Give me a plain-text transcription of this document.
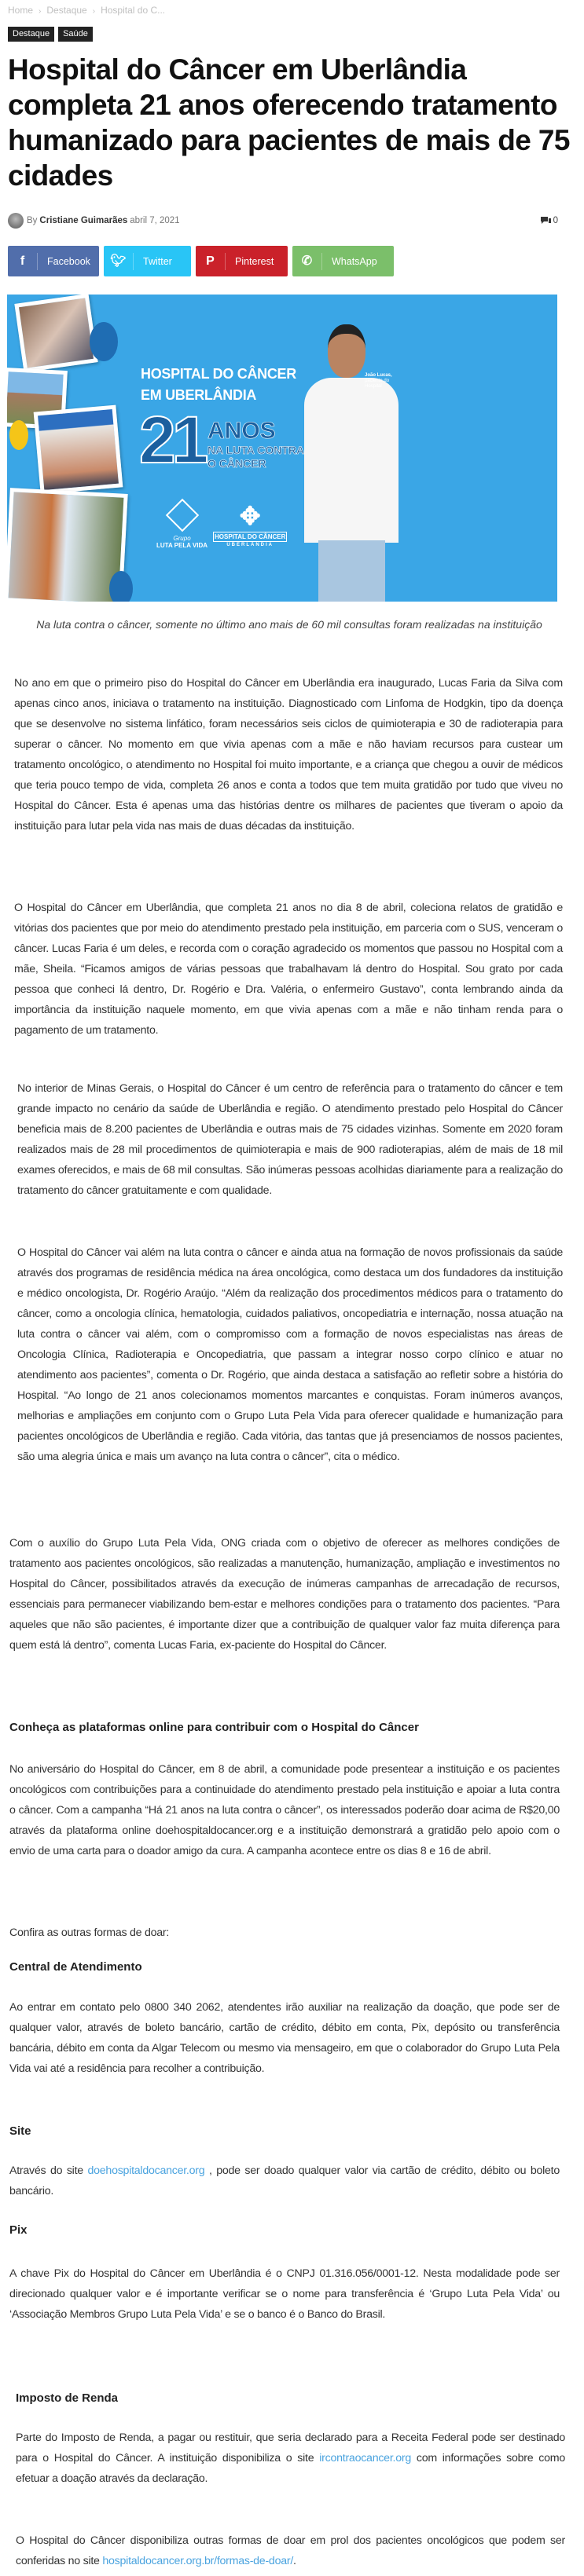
Home › Destaque › Hospital do C...
Destaque	Saúde
Hospital do Câncer em Uberlândia completa 21 anos oferecendo tratamento humanizado para pacientes de mais de 75 cidades
By Cristiane Guimarães abril 7, 2021	0
f	Facebook	🐦︎	Twitter	P	Pinterest	✆	WhatsApp
HOSPITAL DO CÂNCER
EM UBERLÂNDIA
21 ANOS
NA LUTA CONTRA
O CÂNCER
Grupo
LUTA PELA VIDA
✥
HOSPITAL DO CÂNCER
UBERLÂNDIA
João Lucas,
paciente do Hospital

Na luta contra o câncer, somente no último ano mais de 60 mil consultas foram realizadas na instituição

No ano em que o primeiro piso do Hospital do Câncer em Uberlândia era inaugurado, Lucas Faria da Silva com apenas cinco anos, iniciava o tratamento na instituição. Diagnosticado com Linfoma de Hodgkin, tipo da doença que se desenvolve no sistema linfático, foram necessários seis ciclos de quimioterapia e 30 de radioterapia para superar o câncer. No momento em que vivia apenas com a mãe e não haviam recursos para custear um tratamento oncológico, o atendimento no Hospital foi muito importante, e a criança que chegou a ouvir de médicos que teria pouco tempo de vida, completa 26 anos e conta a todos que tem muita gratidão por tudo que viveu no Hospital do Câncer. Esta é apenas uma das histórias dentre os milhares de pacientes que tiveram o apoio da instituição para lutar pela vida nas mais de duas décadas da instituição.

O Hospital do Câncer em Uberlândia, que completa 21 anos no dia 8 de abril, coleciona relatos de gratidão e vitórias dos pacientes que por meio do atendimento prestado pela instituição, em parceria com o SUS, venceram o câncer. Lucas Faria é um deles, e recorda com o coração agradecido os momentos que passou no Hospital com a mãe, Sheila. “Ficamos amigos de várias pessoas que trabalhavam lá dentro do Hospital. Sou grato por cada pessoa que conheci lá dentro, Dr. Rogério e Dra. Valéria, o enfermeiro Gustavo”, conta lembrando ainda da importância da instituição naquele momento, em que vivia apenas com a mãe e não tinham renda para o pagamento de um tratamento.

No interior de Minas Gerais, o Hospital do Câncer é um centro de referência para o tratamento do câncer e tem grande impacto no cenário da saúde de Uberlândia e região. O atendimento prestado pelo Hospital do Câncer beneficia mais de 8.200 pacientes de Uberlândia e outras mais de 75 cidades vizinhas. Somente em 2020 foram realizados mais de 28 mil procedimentos de quimioterapia e mais de 900 radioterapias, além de mais de 18 mil exames oferecidos, e mais de 68 mil consultas. São inúmeras pessoas acolhidas diariamente para a realização do tratamento do câncer gratuitamente e com qualidade.

O Hospital do Câncer vai além na luta contra o câncer e ainda atua na formação de novos profissionais da saúde através dos programas de residência médica na área oncológica, como destaca um dos fundadores da instituição e médico oncologista, Dr. Rogério Araújo. “Além da realização dos procedimentos médicos para o tratamento do câncer, como a oncologia clínica, hematologia, cuidados paliativos, oncopediatria e internação, nossa atuação na luta contra o câncer vai além, com o compromisso com a formação de novos especialistas nas áreas de Oncologia Clínica, Radioterapia e Oncopediatria, que passam a integrar nosso corpo clínico e atuar no atendimento aos pacientes”, comenta o Dr. Rogério, que ainda destaca a satisfação ao refletir sobre a história do Hospital. “Ao longo de 21 anos colecionamos momentos marcantes e conquistas. Foram inúmeros avanços, melhorias e ampliações em conjunto com o Grupo Luta Pela Vida para oferecer qualidade e humanização para pacientes oncológicos de Uberlândia e região. Cada vitória, das tantas que já presenciamos de nossos pacientes, são uma alegria única e mais um avanço na luta contra o câncer”, cita o médico.

Com o auxílio do Grupo Luta Pela Vida, ONG criada com o objetivo de oferecer as melhores condições de tratamento aos pacientes oncológicos, são realizadas a manutenção, humanização, ampliação e investimentos no Hospital do Câncer, possibilitados através da execução de inúmeras campanhas de arrecadação de recursos, essenciais para permanecer viabilizando bem-estar e melhores condições para o tratamento dos pacientes. “Para aqueles que não são pacientes, é importante dizer que a contribuição de qualquer valor faz muita diferença para quem está lá dentro”, comenta Lucas Faria, ex-paciente do Hospital do Câncer.

Conheça as plataformas online para contribuir com o Hospital do Câncer

No aniversário do Hospital do Câncer, em 8 de abril, a comunidade pode presentear a instituição e os pacientes oncológicos com contribuições para a continuidade do atendimento prestado pela instituição e apoiar a luta contra o câncer. Com a campanha “Há 21 anos na luta contra o câncer”, os interessados poderão doar acima de R$20,00 através da plataforma online doehospitaldocancer.org e a instituição demonstrará a gratidão pelo apoio com o envio de uma carta para o doador amigo da cura. A campanha acontece entre os dias 8 e 16 de abril.

Confira as outras formas de doar:

Central de Atendimento

Ao entrar em contato pelo 0800 340 2062, atendentes irão auxiliar na realização da doação, que pode ser de qualquer valor, através de boleto bancário, cartão de crédito, débito em conta, Pix, depósito ou transferência bancária, débito em conta da Algar Telecom ou mesmo via mensageiro, em que o colaborador do Grupo Luta Pela Vida vai até a residência para recolher a contribuição.

Site

Através do site doehospitaldocancer.org , pode ser doado qualquer valor via cartão de crédito, débito ou boleto bancário.

Pix

A chave Pix do Hospital do Câncer em Uberlândia é o CNPJ 01.316.056/0001-12. Nesta modalidade pode ser direcionado qualquer valor e é importante verificar se o nome para transferência é ‘Grupo Luta Pela Vida’ ou ‘Associação Membros Grupo Luta Pela Vida’ e se o banco é o Banco do Brasil.

Imposto de Renda

Parte do Imposto de Renda, a pagar ou restituir, que seria declarado para a Receita Federal pode ser destinado para o Hospital do Câncer. A instituição disponibiliza o site ircontraocancer.org com informações sobre como efetuar a doação através da declaração.

O Hospital do Câncer disponibiliza outras formas de doar em prol dos pacientes oncológicos que podem ser conferidas no site hospitaldocancer.org.br/formas-de-doar/.
